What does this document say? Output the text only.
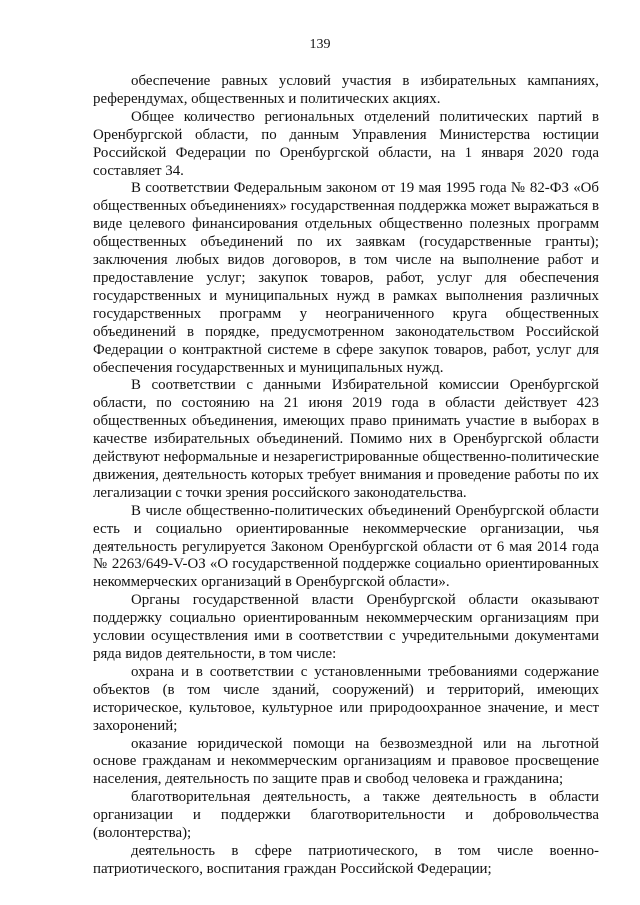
139

обеспечение равных условий участия в избирательных кампаниях, референдумах, общественных и политических акциях.

Общее количество региональных отделений политических партий в Оренбургской области, по данным Управления Министерства юстиции Российской Федерации по Оренбургской области, на 1 января 2020 года составляет 34.

В соответствии Федеральным законом от 19 мая 1995 года № 82-ФЗ «Об общественных объединениях» государственная поддержка может выражаться в виде целевого финансирования отдельных общественно полезных программ общественных объединений по их заявкам (государственные гранты); заключения любых видов договоров, в том числе на выполнение работ и предоставление услуг; закупок товаров, работ, услуг для обеспечения государственных и муниципальных нужд в рамках выполнения различных государственных программ у неограниченного круга общественных объединений в порядке, предусмотренном законодательством Российской Федерации о контрактной системе в сфере закупок товаров, работ, услуг для обеспечения государственных и муниципальных нужд.

В соответствии с данными Избирательной комиссии Оренбургской области, по состоянию на 21 июня 2019 года в области действует 423 общественных объединения, имеющих право принимать участие в выборах в качестве избирательных объединений. Помимо них в Оренбургской области действуют неформальные и незарегистрированные общественно-политические движения, деятельность которых требует внимания и проведение работы по их легализации с точки зрения российского законодательства.

В числе общественно-политических объединений Оренбургской области есть и социально ориентированные некоммерческие организации, чья деятельность регулируется Законом Оренбургской области от 6 мая 2014 года № 2263/649-V-ОЗ «О государственной поддержке социально ориентированных некоммерческих организаций в Оренбургской области».

Органы государственной власти Оренбургской области оказывают поддержку социально ориентированным некоммерческим организациям при условии осуществления ими в соответствии с учредительными документами ряда видов деятельности, в том числе:

охрана и в соответствии с установленными требованиями содержание объектов (в том числе зданий, сооружений) и территорий, имеющих историческое, культовое, культурное или природоохранное значение, и мест захоронений;

оказание юридической помощи на безвозмездной или на льготной основе гражданам и некоммерческим организациям и правовое просвещение населения, деятельность по защите прав и свобод человека и гражданина;

благотворительная деятельность, а также деятельность в области организации и поддержки благотворительности и добровольчества (волонтерства);

деятельность в сфере патриотического, в том числе военно-патриотического, воспитания граждан Российской Федерации;
